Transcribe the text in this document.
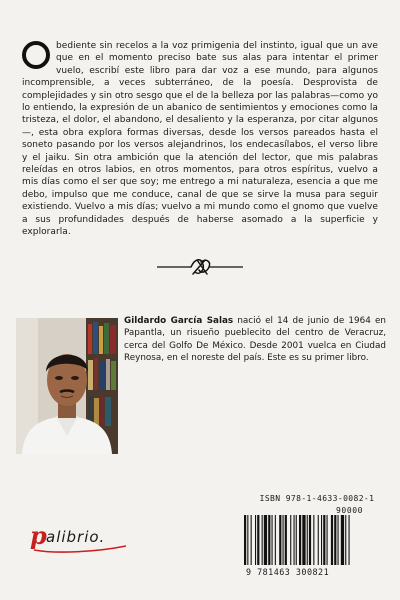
bediente sin recelos a la voz primigenia del instinto, igual que un ave que en el momento preciso bate sus alas para intentar el primer vuelo, escribí este libro para dar voz a ese mundo, para algunos incomprensible, a veces subterráneo, de la poesía. Desprovista de complejidades y sin otro sesgo que el de la belleza por las palabras—como yo lo entiendo, la expresión de un abanico de sentimientos y emociones como la tristeza, el dolor, el abandono, el desaliento y la esperanza, por citar algunos—, esta obra explora formas diversas, desde los versos pareados hasta el soneto pasando por los versos alejandrinos, los endecasílabos, el verso libre y el jaiku. Sin otra ambición que la atención del lector, que mis palabras releídas en otros labios, en otros momentos, para otros espíritus, vuelvo a mis días como el ser que soy; me entrego a mi naturaleza, esencia a que me debo, impulso que me conduce, canal de que se sirve la musa para seguir existiendo. Vuelvo a mis días; vuelvo a mi mundo como el gnomo que vuelve a sus profundidades después de haberse asomado a la superficie y explorarla.
Gildardo García Salas nació el 14 de junio de 1964 en Papantla, un risueño pueblecito del centro de Veracruz, cerca del Golfo De México. Desde 2001 vuelca en Ciudad Reynosa, en el noreste del país. Este es su primer libro.
ISBN 978-1-4633-0082-1
90000
9 781463 300821
p alibrio.
